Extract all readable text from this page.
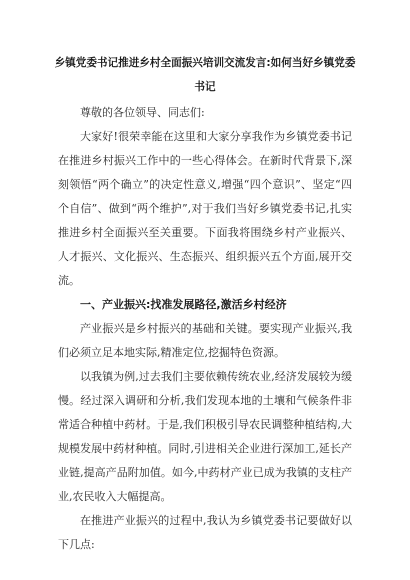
乡镇党委书记推进乡村全面振兴培训交流发言:如何当好乡镇党委书记

尊敬的各位领导、同志们:

大家好!很荣幸能在这里和大家分享我作为乡镇党委书记在推进乡村振兴工作中的一些心得体会。在新时代背景下,深刻领悟“两个确立”的决定性意义,增强“四个意识”、坚定“四个自信”、做到“两个维护”,对于我们当好乡镇党委书记,扎实推进乡村全面振兴至关重要。下面我将围绕乡村产业振兴、人才振兴、文化振兴、生态振兴、组织振兴五个方面,展开交流。

一、产业振兴:找准发展路径,激活乡村经济

产业振兴是乡村振兴的基础和关键。要实现产业振兴,我们必须立足本地实际,精准定位,挖掘特色资源。

以我镇为例,过去我们主要依赖传统农业,经济发展较为缓慢。经过深入调研和分析,我们发现本地的土壤和气候条件非常适合种植中药材。于是,我们积极引导农民调整种植结构,大规模发展中药材种植。同时,引进相关企业进行深加工,延长产业链,提高产品附加值。如今,中药材产业已成为我镇的支柱产业,农民收入大幅提高。

在推进产业振兴的过程中,我认为乡镇党委书记要做好以下几点:
